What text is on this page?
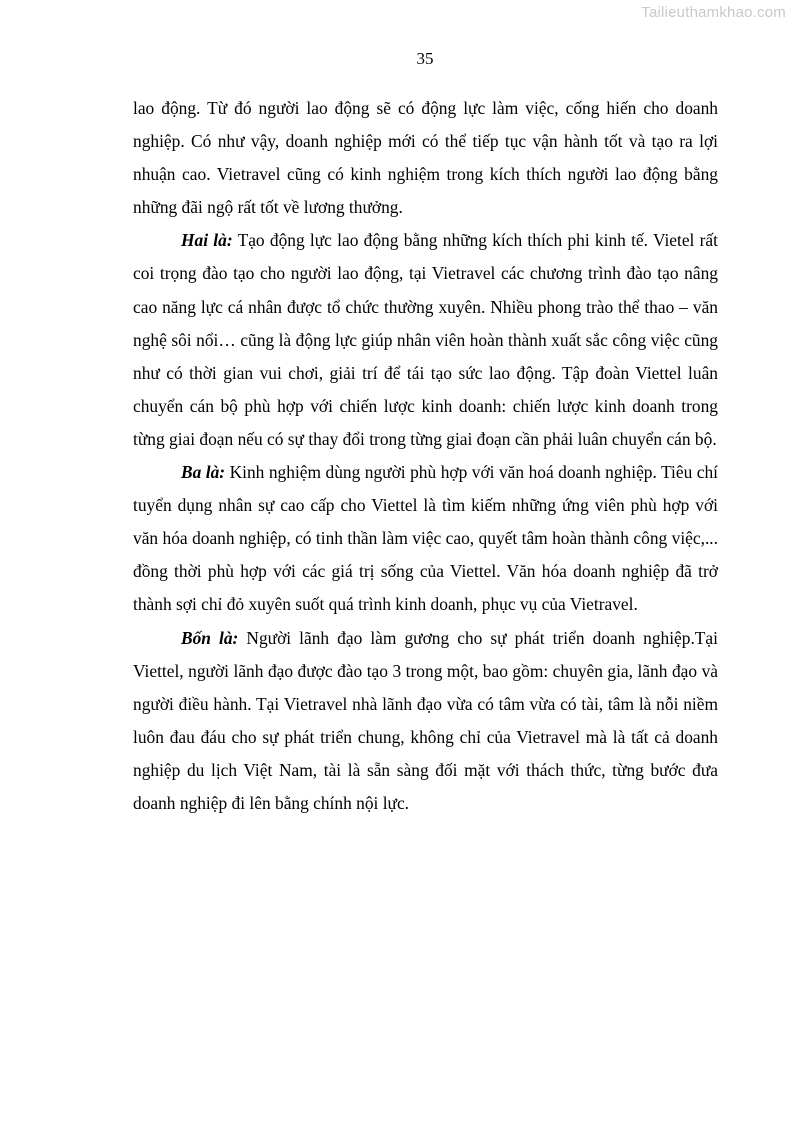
Tailieuthamkhao.com
35

lao động. Từ đó người lao động sẽ có động lực làm việc, cống hiến cho doanh nghiệp. Có như vậy, doanh nghiệp mới có thể tiếp tục vận hành tốt và tạo ra lợi nhuận cao. Vietravel cũng có kinh nghiệm trong kích thích người lao động bằng những đãi ngộ rất tốt về lương thưởng.

Hai là: Tạo động lực lao động bằng những kích thích phi kinh tế. Vietel rất coi trọng đào tạo cho người lao động, tại Vietravel các chương trình đào tạo nâng cao năng lực cá nhân được tổ chức thường xuyên. Nhiều phong trào thể thao – văn nghệ sôi nổi… cũng là động lực giúp nhân viên hoàn thành xuất sắc công việc cũng như có thời gian vui chơi, giải trí để tái tạo sức lao động. Tập đoàn Viettel luân chuyển cán bộ phù hợp với chiến lược kinh doanh: chiến lược kinh doanh trong từng giai đoạn nếu có sự thay đổi trong từng giai đoạn cần phải luân chuyển cán bộ.

Ba là: Kinh nghiệm dùng người phù hợp với văn hoá doanh nghiệp. Tiêu chí tuyển dụng nhân sự cao cấp cho Viettel là tìm kiếm những ứng viên phù hợp với văn hóa doanh nghiệp, có tinh thần làm việc cao, quyết tâm hoàn thành công việc,... đồng thời phù hợp với các giá trị sống của Viettel. Văn hóa doanh nghiệp đã trở thành sợi chỉ đỏ xuyên suốt quá trình kinh doanh, phục vụ của Vietravel.

Bốn là: Người lãnh đạo làm gương cho sự phát triển doanh nghiệp.Tại Viettel, người lãnh đạo được đào tạo 3 trong một, bao gồm: chuyên gia, lãnh đạo và người điều hành. Tại Vietravel nhà lãnh đạo vừa có tâm vừa có tài, tâm là nỗi niềm luôn đau đáu cho sự phát triển chung, không chỉ của Vietravel mà là tất cả doanh nghiệp du lịch Việt Nam, tài là sẵn sàng đối mặt với thách thức, từng bước đưa doanh nghiệp đi lên bằng chính nội lực.
